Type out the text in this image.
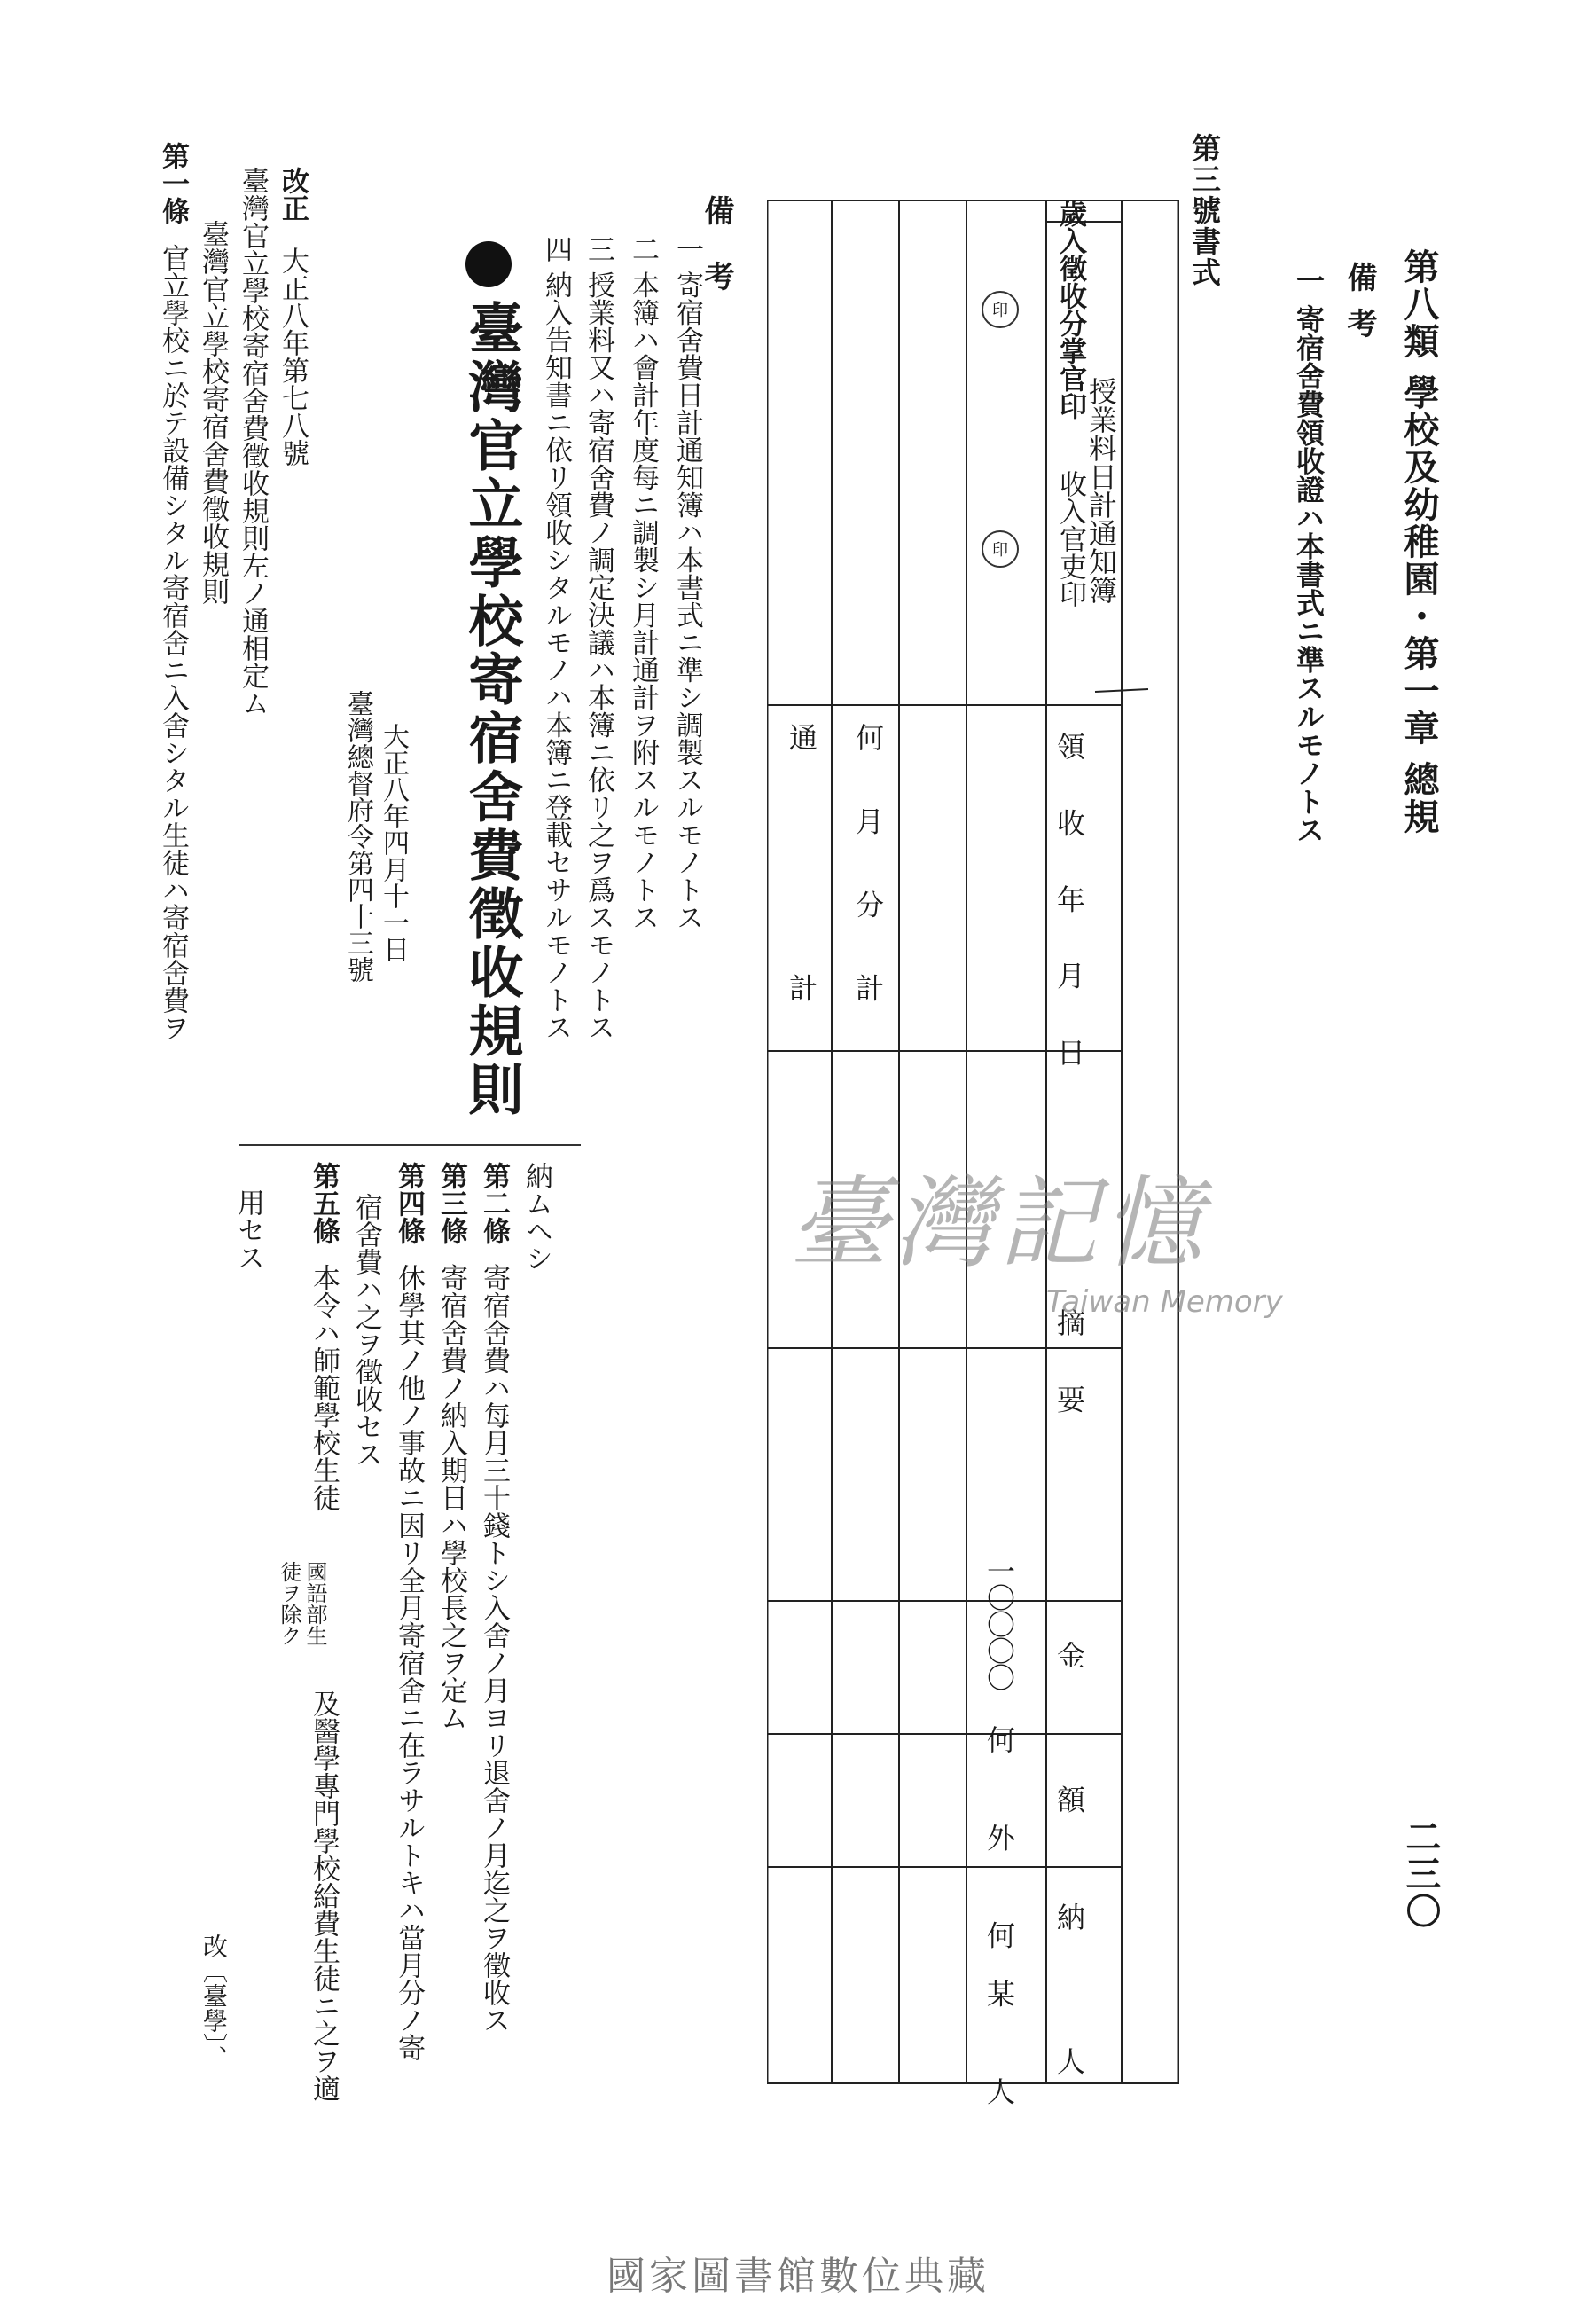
第八類 學校及幼稚園・第一章 總規
二三〇
備考
一 寄宿舍費領收證ハ本書式ニ準スルモノトス
第三號書式
授業料日計通知簿
歲入徵收分掌官印
收入官吏印
印
印
領 收 年 月 日
摘 要
金 額
納 人
一〇〇〇〇
何 外 何某 人
何 月 分 計
通 計
備考
一 寄宿舍費日計通知簿ハ本書式ニ準シ調製スルモノトス
二 本簿ハ會計年度每ニ調製シ月計通計ヲ附スルモノトス
三 授業料又ハ寄宿舍費ノ調定決議ハ本簿ニ依リ之ヲ爲スモノトス
四 納入告知書ニ依リ領收シタルモノハ本簿ニ登載セサルモノトス
臺灣官立學校寄宿舍費徵收規則
大正八年四月十一日
臺灣總督府令第四十三號
改正
大正八年第七八號
臺灣官立學校寄宿舍費徵收規則左ノ通相定ム
臺灣官立學校寄宿舍費徵收規則
第一條
官立學校ニ於テ設備シタル寄宿舍ニ入舍シタル生徒ハ寄宿舍費ヲ
納ムヘシ
第二條
寄宿舍費ハ每月三十錢トシ入舍ノ月ヨリ退舍ノ月迄之ヲ徵收ス
第三條
寄宿舍費ノ納入期日ハ學校長之ヲ定ム
第四條
休學其ノ他ノ事故ニ因リ全月寄宿舍ニ在ラサルトキハ當月分ノ寄
宿舍費ハ之ヲ徵收セス
第五條
本令ハ師範學校生徒
國語部生
徒ヲ除ク
及醫學專門學校給費生徒ニ之ヲ適
用セス
改〔臺學〕、
臺灣記憶
Taiwan Memory
國家圖書館數位典藏
